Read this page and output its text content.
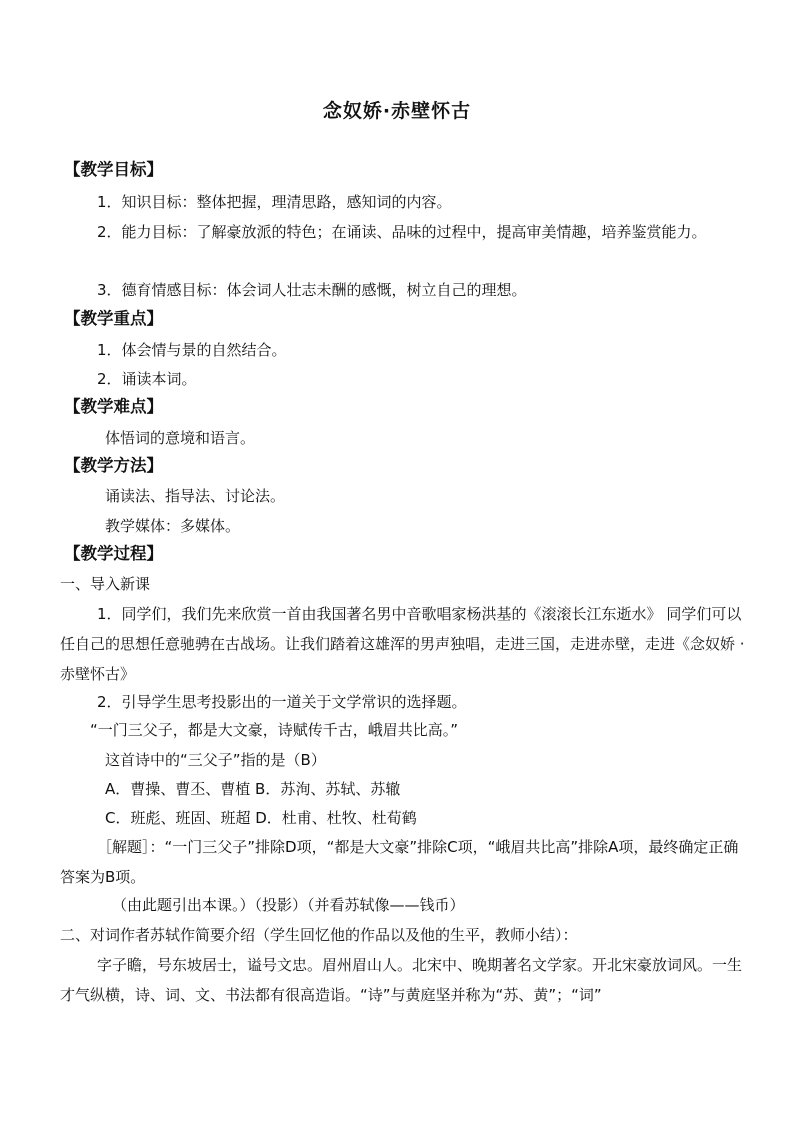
念奴娇·赤壁怀古
【教学目标】
1．知识目标：整体把握，理清思路，感知词的内容。
2．能力目标：了解豪放派的特色；在诵读、品味的过程中，提高审美情趣，培养鉴赏能力。
3．德育情感目标：体会词人壮志未酬的感慨，树立自己的理想。
【教学重点】
1．体会情与景的自然结合。
2．诵读本词。
【教学难点】
体悟词的意境和语言。
【教学方法】
诵读法、指导法、讨论法。
教学媒体：多媒体。
【教学过程】
一、导入新课
1．同学们，我们先来欣赏一首由我国著名男中音歌唱家杨洪基的《滚滚长江东逝水》 同学们可以任自己的思想任意驰骋在古战场。让我们踏着这雄浑的男声独唱，走进三国，走进赤壁，走进《念奴娇 · 赤壁怀古》
2．引导学生思考投影出的一道关于文学常识的选择题。
“一门三父子，都是大文豪，诗赋传千古，峨眉共比高。”
这首诗中的“三父子”指的是（B）
A．曹操、曹丕、曹植 B．苏洵、苏轼、苏辙
C．班彪、班固、班超 D．杜甫、杜牧、杜荀鹤
［解题］：“一门三父子”排除D项，“都是大文豪”排除C项，“峨眉共比高”排除A项，最终确定正确答案为B项。
（由此题引出本课。）（投影）（并看苏轼像——钱币）
二、对词作者苏轼作简要介绍（学生回忆他的作品以及他的生平，教师小结）：
字子瞻，号东坡居士，谥号文忠。眉州眉山人。北宋中、晚期著名文学家。开北宋豪放词风。一生才气纵横，诗、词、文、书法都有很高造诣。“诗”与黄庭坚并称为“苏、黄”；“词”
